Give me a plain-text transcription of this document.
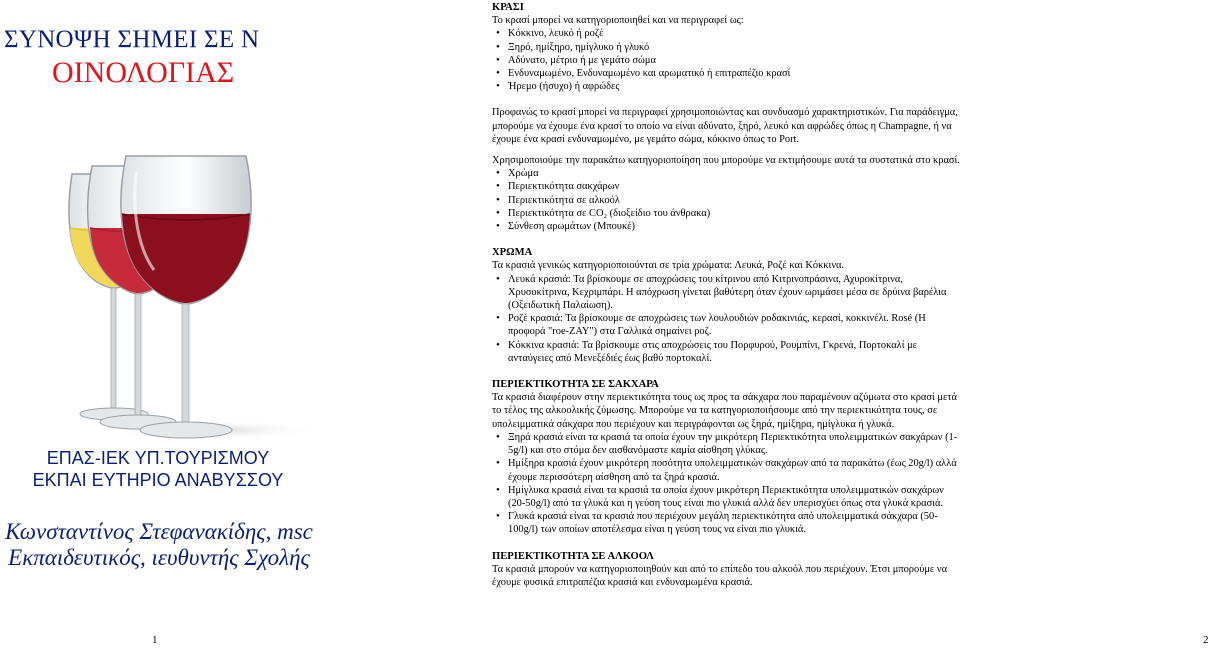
ΣΥΝΟΨΗ ΣΗΜΕΙ ΣΕ Ν
ΟΙΝΟΛΟΓΙΑΣ
ΕΠΑΣ-ΙΕΚ ΥΠ.ΤΟΥΡΙΣΜΟΥ
ΕΚΠΑΙ ΕΥΤΗΡΙΟ ΑΝΑΒΥΣΣΟΥ
Κωνσταντίνος Στεφανακίδης, msc
Εκπαιδευτικός, ιευθυντής Σχολής
1	2
ΚΡΑΣΙ

Το κρασί μπορεί να κατηγοριοποιηθεί και να περιγραφεί ως:

• Κόκκινο, λευκό ή ροζέ
• Ξηρό, ημίξηρο, ημίγλυκο ή γλυκό
• Αδύνατο, μέτριο ή με γεμάτο σώμα
• Ενδυναμωμένο, Ενδυναμωμένο και αρωματικό ή επιτραπέζιο κρασί
• Ήρεμο (ήσυχο) ή αφρώδες

Προφανώς το κρασί μπορεί να περιγραφεί χρησιμοποιώντας και συνδυασμό χαρακτηριστικών. Για παράδειγμα, μπορούμε να έχουμε ένα κρασί το οποίο να είναι αδύνατο, ξηρό, λευκό και αφρώδες όπως η Champagne, ή να έχουμε ένα κρασί ενδυναμωμένο, με γεμάτο σώμα, κόκκινο όπως το Port.

Χρησιμοποιούμε την παρακάτω κατηγοριοποίηση που μπορούμε να εκτιμήσουμε αυτά τα συστατικά στο κρασί.

• Χρώμα
• Περιεκτικότητα σακχάρων
• Περιεκτικότητα σε αλκοόλ
• Περιεκτικότητα σε CO₂ (διοξείδιο του άνθρακα)
• Σύνθεση αρωμάτων (Μπουκέ)
ΧΡΩΜΑ

Τα κρασιά γενικώς κατηγοριοποιούνται σε τρία χρώματα: Λευκά, Ροζέ και Κόκκινα.

• Λευκά κρασιά: Τα βρίσκουμε σε αποχρώσεις του κίτρινου από Κιτρινοπράσινα, Αχυροκίτρινα, Χρυσοκίτρινα, Κεχριμπάρι. Η απόχρωση γίνεται βαθύτερη όταν έχουν ωριμάσει μέσα σε δρύινα βαρέλια (Οξειδωτική Παλαίωση).
• Ροζέ κρασιά: Τα βρίσκουμε σε αποχρώσεις των λουλουδιών ροδακινιάς, κερασί, κοκκινέλι. Rosé (Η προφορά "roe-ZAY") στα Γαλλικά σημαίνει ροζ.
• Κόκκινα κρασιά: Τα βρίσκουμε στις αποχρώσεις του Πορφυρού, Ρουμπίνι, Γκρενά, Πορτοκαλί με ανταύγειες από Μενεξέδιές έως βαθύ πορτοκαλί.
ΠΕΡΙΕΚΤΙΚΟΤΗΤΑ ΣΕ ΣΑΚΧΑΡΑ

Τα κρασιά διαφέρουν στην περιεκτικότητα τους ως προς τα σάκχαρα που παραμένουν αζύμωτα στο κρασί μετά το τέλος της αλκοολικής ζύμωσης. Μπορούμε να τα κατηγοριοποιήσουμε από την περιεκτικότητα τους, σε υπολειμματικά σάκχαρα που περιέχουν και περιγράφονται ως ξηρά, ημίξηρα, ημίγλυκα ή γλυκά.

• Ξηρά κρασιά είναι τα κρασιά τα οποία έχουν την μικρότερη Περιεκτικότητα υπολειμματικών σακχάρων (1-5g/l) και στο στόμα δεν αισθανόμαστε καμία αίσθηση γλύκας.
• Ημίξηρα κρασιά έχουν μικρότερη ποσότητα υπολειμματικών σακχάρων από τα παρακάτω (έως 20g/l) αλλά έχουμε περισσότερη αίσθηση από τα ξηρά κρασιά.
• Ημίγλυκα κρασιά είναι τα κρασιά τα οποία έχουν μικρότερη Περιεκτικότητα υπολειμματικών σακχάρων (20-50g/l) από τα γλυκά και η γεύση τους είναι πιο γλυκιά αλλά δεν υπερισχύει όπως στα γλυκά κρασιά.
• Γλυκά κρασιά είναι τα κρασιά που περιέχουν μεγάλη περιεκτικότητα από υπολειμματικά σάκχαρα (50-100g/l) των οποίων αποτέλεσμα είναι η γεύση τους να είναι πιο γλυκιά.
ΠΕΡΙΕΚΤΙΚΟΤΗΤΑ ΣΕ ΑΛΚΟΟΛ

Τα κρασιά μπορούν να κατηγοριοποιηθούν και από το επίπεδο του αλκοόλ που περιέχουν. Έτσι μπορούμε να έχουμε φυσικά επιτραπέζια κρασιά και ενδυναμωμένα κρασιά.
